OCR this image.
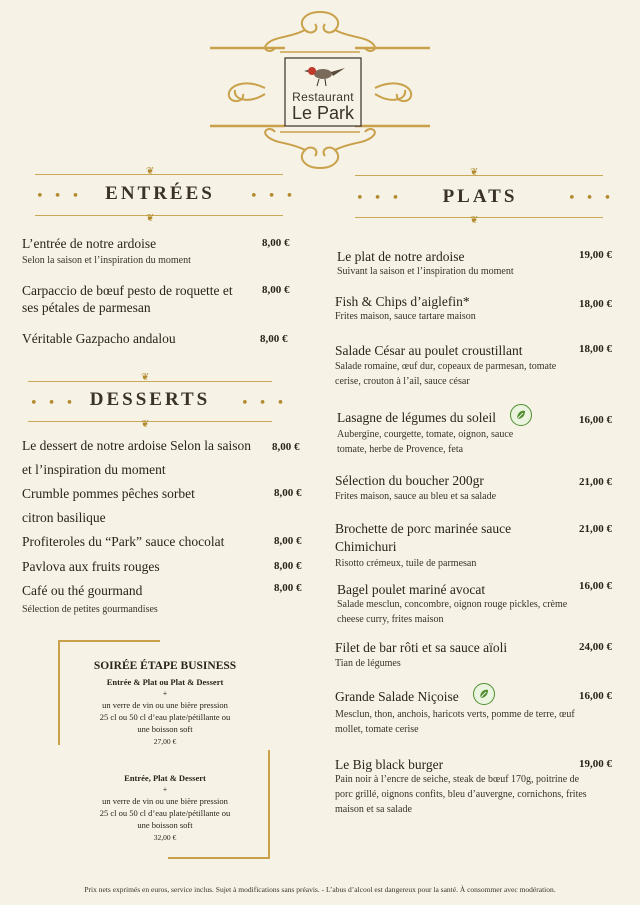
Restaurant
Le Park
❦
• • •	ENTRÉES	• • •
❦
L’entrée de notre ardoise
Selon la saison et l’inspiration du moment
8,00 €
Carpaccio de bœuf pesto de roquette et
ses pétales de parmesan
8,00 €
Véritable Gazpacho andalou	8,00 €
❦
• • • DESSERTS	• • •
❦
Le dessert de notre ardoise Selon la saison
et l’inspiration du moment
8,00 €
Crumble pommes pêches sorbet
citron basilique
8,00 €
Profiteroles du “Park” sauce chocolat	8,00 €
Pavlova aux fruits rouges	8,00 €
Café ou thé gourmand
Sélection de petites gourmandises
8,00 €
SOIRÉE ÉTAPE BUSINESS
Entrée & Plat ou Plat & Dessert
+
un verre de vin ou une bière pression
25 cl ou 50 cl d’eau plate/pétillante ou
une boisson soft
27,00 €
Entrée, Plat & Dessert
+
un verre de vin ou une bière pression
25 cl ou 50 cl d’eau plate/pétillante ou
une boisson soft
32,00 €
❦
• • •	PLATS	• • •
❦
Le plat de notre ardoise
Suivant la saison et l’inspiration du moment
19,00 €
Fish & Chips d’aiglefin*
Frites maison, sauce tartare maison
18,00 €
Salade César au poulet croustillant
Salade romaine, œuf dur, copeaux de parmesan, tomate
cerise, crouton à l’ail, sauce césar
18,00 €
Lasagne de légumes du soleil
Aubergine, courgette, tomate, oignon, sauce
tomate, herbe de Provence, feta
16,00 €
Sélection du boucher 200gr
Frites maison, sauce au bleu et sa salade
21,00 €
Brochette de porc marinée sauce
Chimichuri
Risotto crémeux, tuile de parmesan
21,00 €
Bagel poulet mariné avocat
Salade mesclun, concombre, oignon rouge pickles, crème
cheese curry, frites maison
16,00 €
Filet de bar rôti et sa sauce aïoli
Tian de légumes
24,00 €
Grande Salade Niçoise
Mesclun, thon, anchois, haricots verts, pomme de terre, œuf
mollet, tomate cerise
16,00 €
Le Big black burger
Pain noir à l’encre de seiche, steak de bœuf 170g, poitrine de
porc grillé, oignons confits, bleu d’auvergne, cornichons, frites
maison et sa salade
19,00 €
Prix nets exprimés en euros, service inclus. Sujet à modifications sans préavis. - L’abus d’alcool est dangereux pour la santé. À consommer avec modération.
